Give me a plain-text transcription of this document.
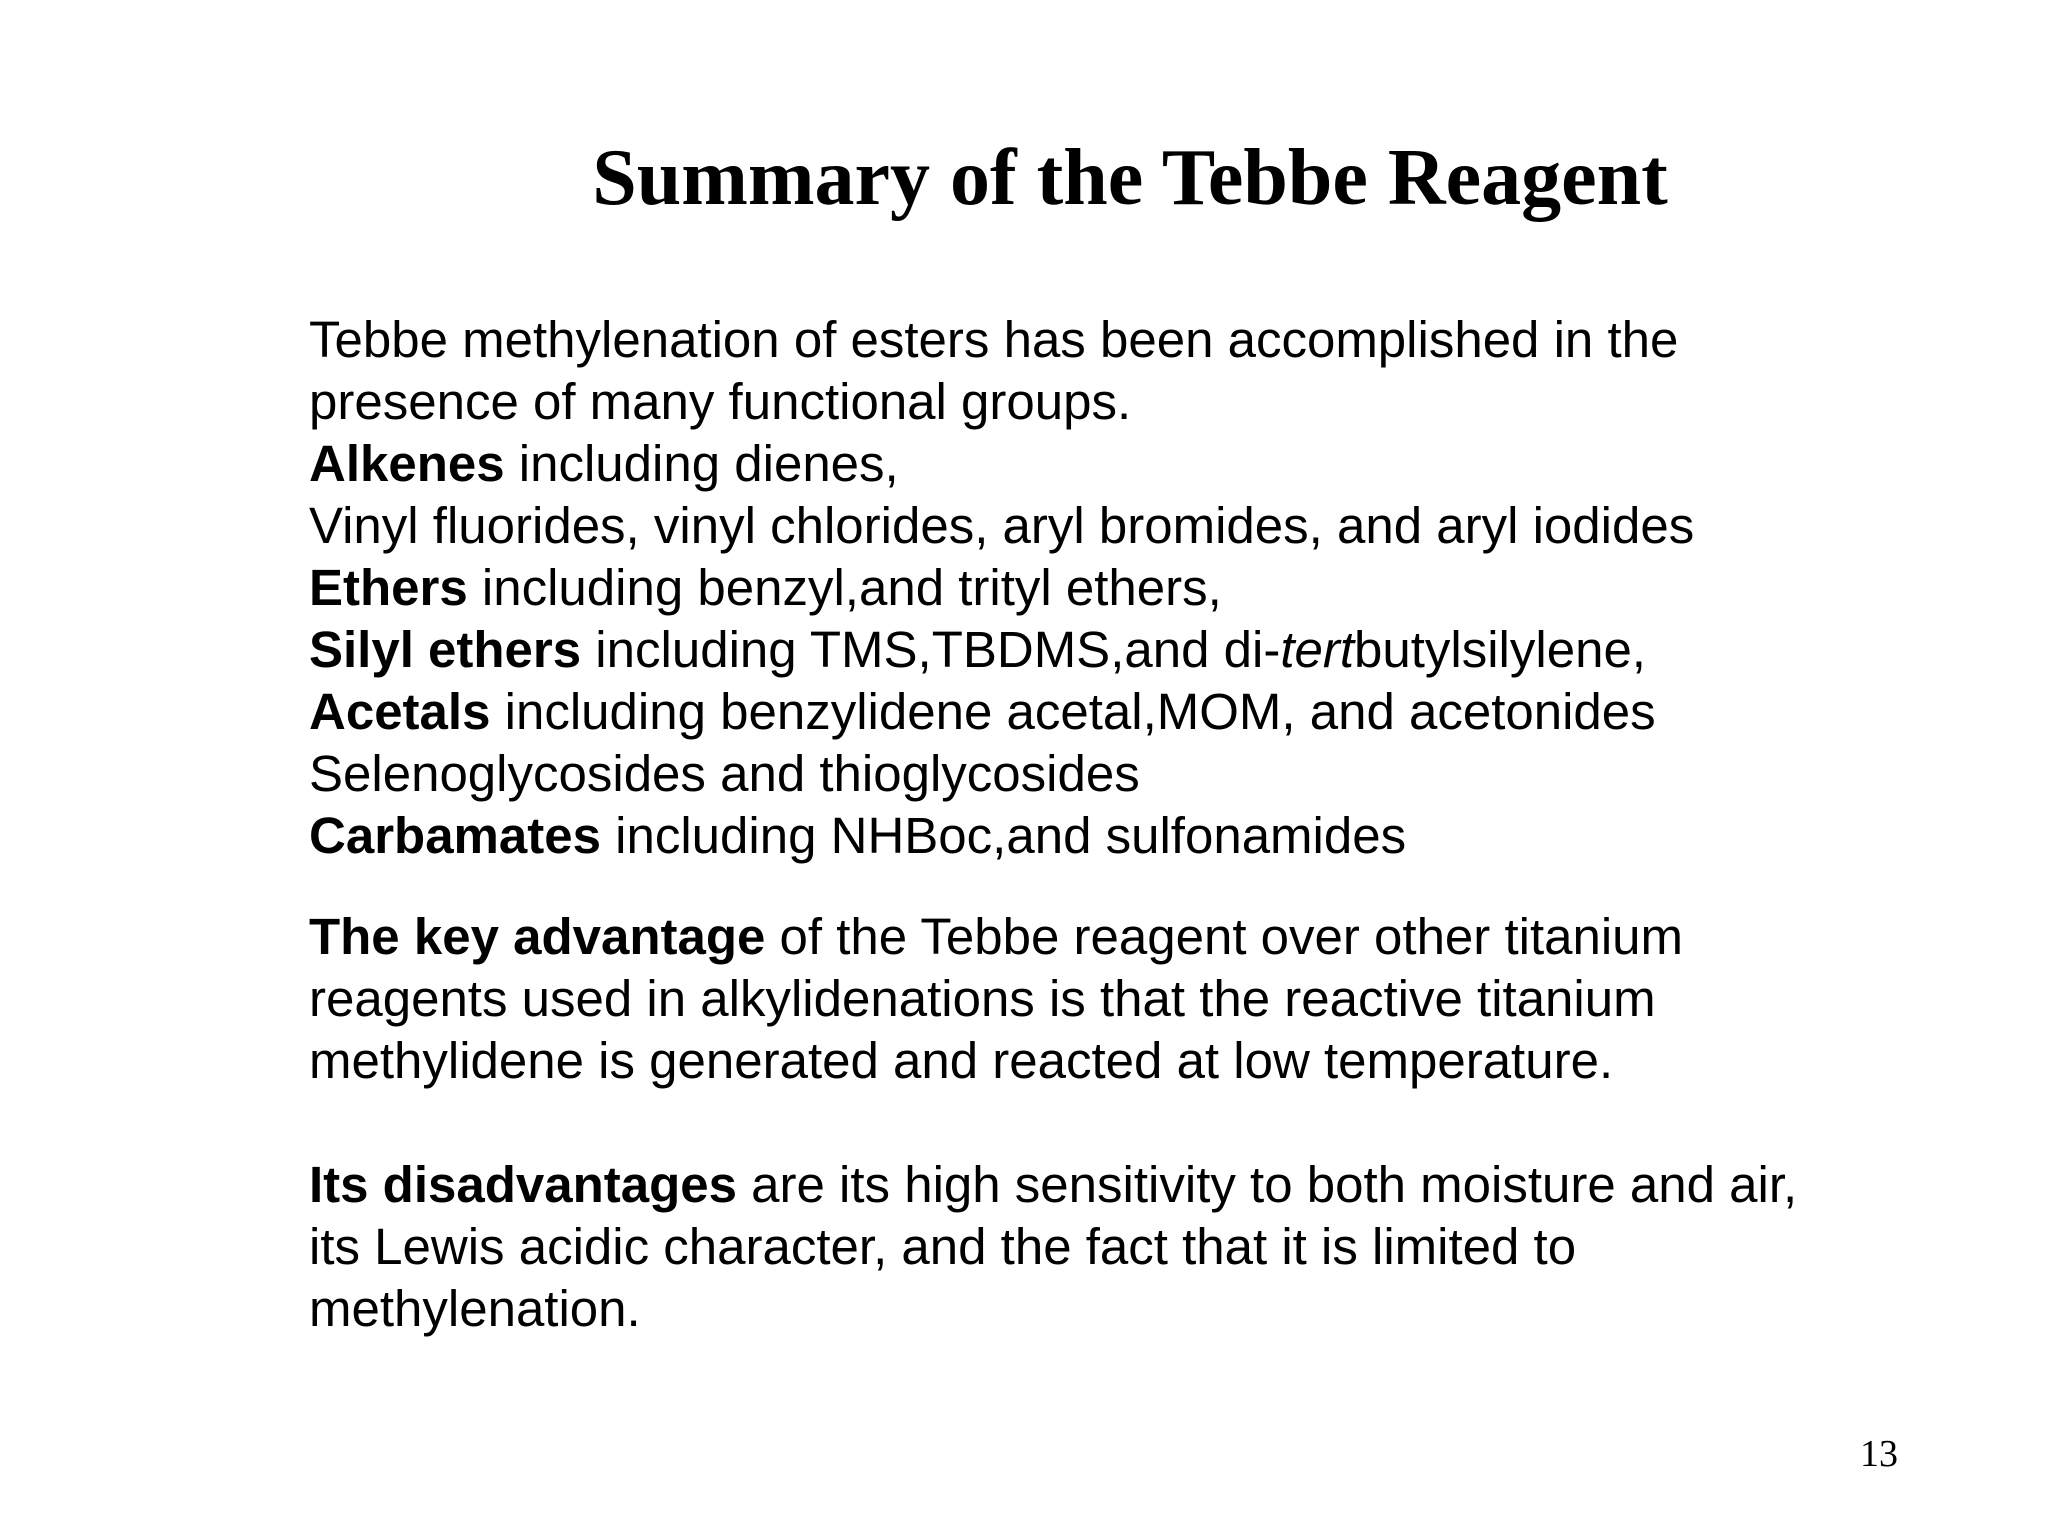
Summary of the Tebbe Reagent
Tebbe methylenation of esters has been accomplished in the
presence of many functional groups.
Alkenes including dienes,
Vinyl fluorides, vinyl chlorides, aryl bromides, and aryl iodides
Ethers including benzyl,and trityl ethers,
Silyl ethers including TMS,TBDMS,and di-tertbutylsilylene,
Acetals including benzylidene acetal,MOM, and acetonides
Selenoglycosides and thioglycosides
Carbamates including NHBoc,and sulfonamides
The key advantage of the Tebbe reagent over other titanium
reagents used in alkylidenations is that the reactive titanium
methylidene is generated and reacted at low temperature.
Its disadvantages are its high sensitivity to both moisture and air,
its Lewis acidic character, and the fact that it is limited to
methylenation.
13
